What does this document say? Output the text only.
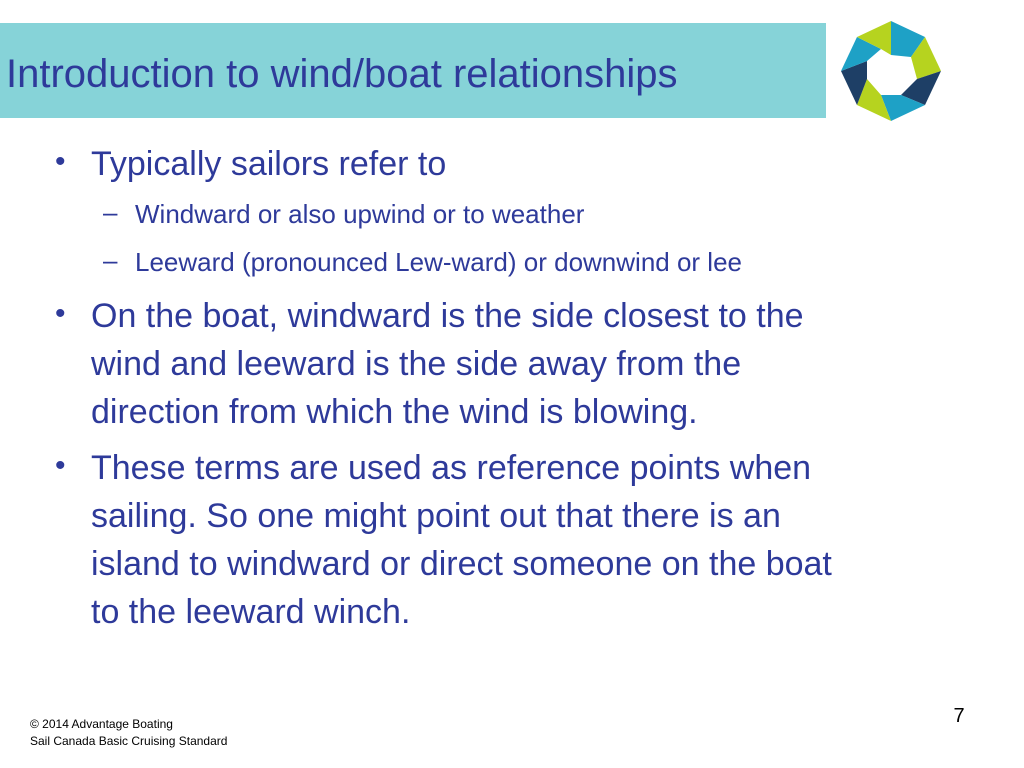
Introduction to wind/boat relationships
• Typically sailors refer to
– Windward or also upwind or to weather
– Leeward (pronounced Lew-ward) or downwind or lee
• On the boat, windward is the side closest to the
wind and leeward is the side away from the
direction from which the wind is blowing.
• These terms are used as reference points when
sailing. So one might point out that there is an
island to windward or direct someone on the boat
to the leeward winch.
© 2014 Advantage Boating
Sail Canada Basic Cruising Standard
7
